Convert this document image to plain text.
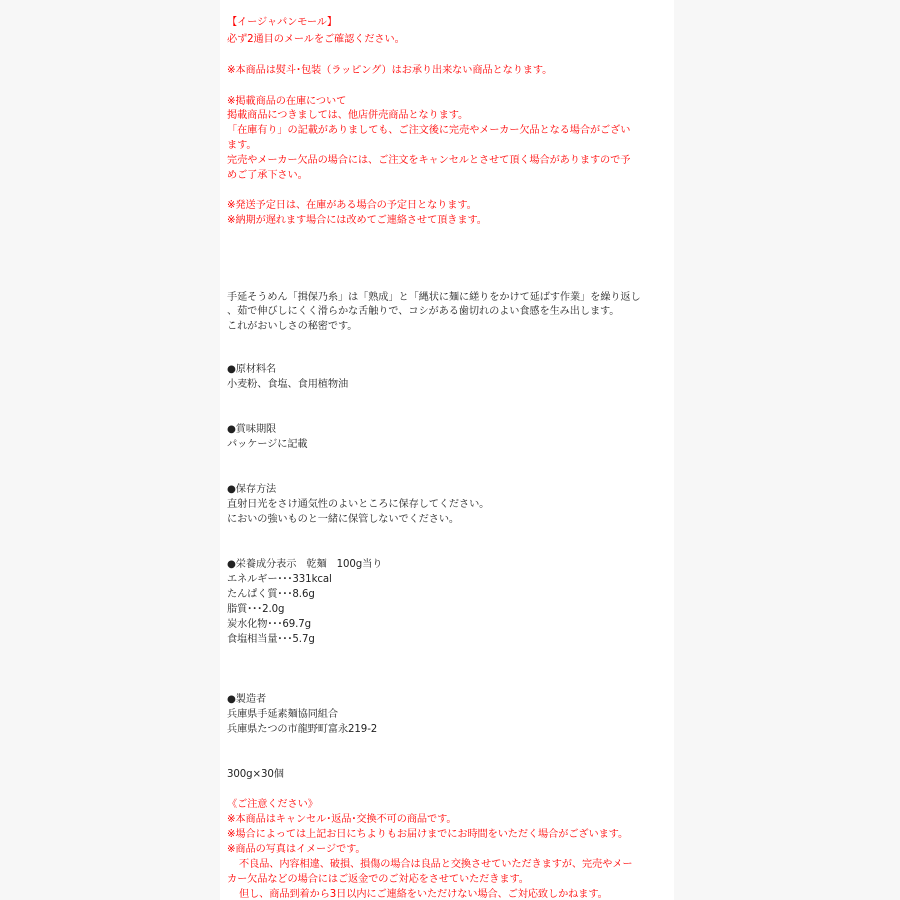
【イージャパンモール】

必ず2通目のメールをご確認ください。

※本商品は熨斗･包装（ラッピング）はお承り出来ない商品となります。

※掲載商品の在庫について

掲載商品につきましては、他店併売商品となります。

「在庫有り」の記載がありましても、ご注文後に完売やメーカー欠品となる場合がござい

ます。

完売やメーカー欠品の場合には、ご注文をキャンセルとさせて頂く場合がありますので予

めご了承下さい。

※発送予定日は、在庫がある場合の予定日となります。

※納期が遅れます場合には改めてご連絡させて頂きます。

手延そうめん「揖保乃糸」は「熟成」と「縄状に麺に縒りをかけて延ばす作業」を繰り返し

、茹で伸びしにくく滑らかな舌触りで、コシがある歯切れのよい食感を生み出します。

これがおいしさの秘密です。

●原材料名

小麦粉、食塩、食用植物油

●賞味期限

パッケージに記載

●保存方法

直射日光をさけ通気性のよいところに保存してください。

においの強いものと一緒に保管しないでください。

●栄養成分表示　乾麺　100g当り

エネルギー･･･331kcal

たんぱく質･･･8.6g

脂質･･･2.0g

炭水化物･･･69.7g

食塩相当量･･･5.7g

●製造者

兵庫県手延素麺協同組合

兵庫県たつの市龍野町富永219-2

300g×30個

《ご注意ください》

※本商品はキャンセル･返品･交換不可の商品です。

※場合によっては上記お日にちよりもお届けまでにお時間をいただく場合がございます。

※商品の写真はイメージです。

不良品、内容相違、破損、損傷の場合は良品と交換させていただきますが、完売やメー

カー欠品などの場合にはご返金でのご対応をさせていただきます。

但し、商品到着から3日以内にご連絡をいただけない場合、ご対応致しかねます。
